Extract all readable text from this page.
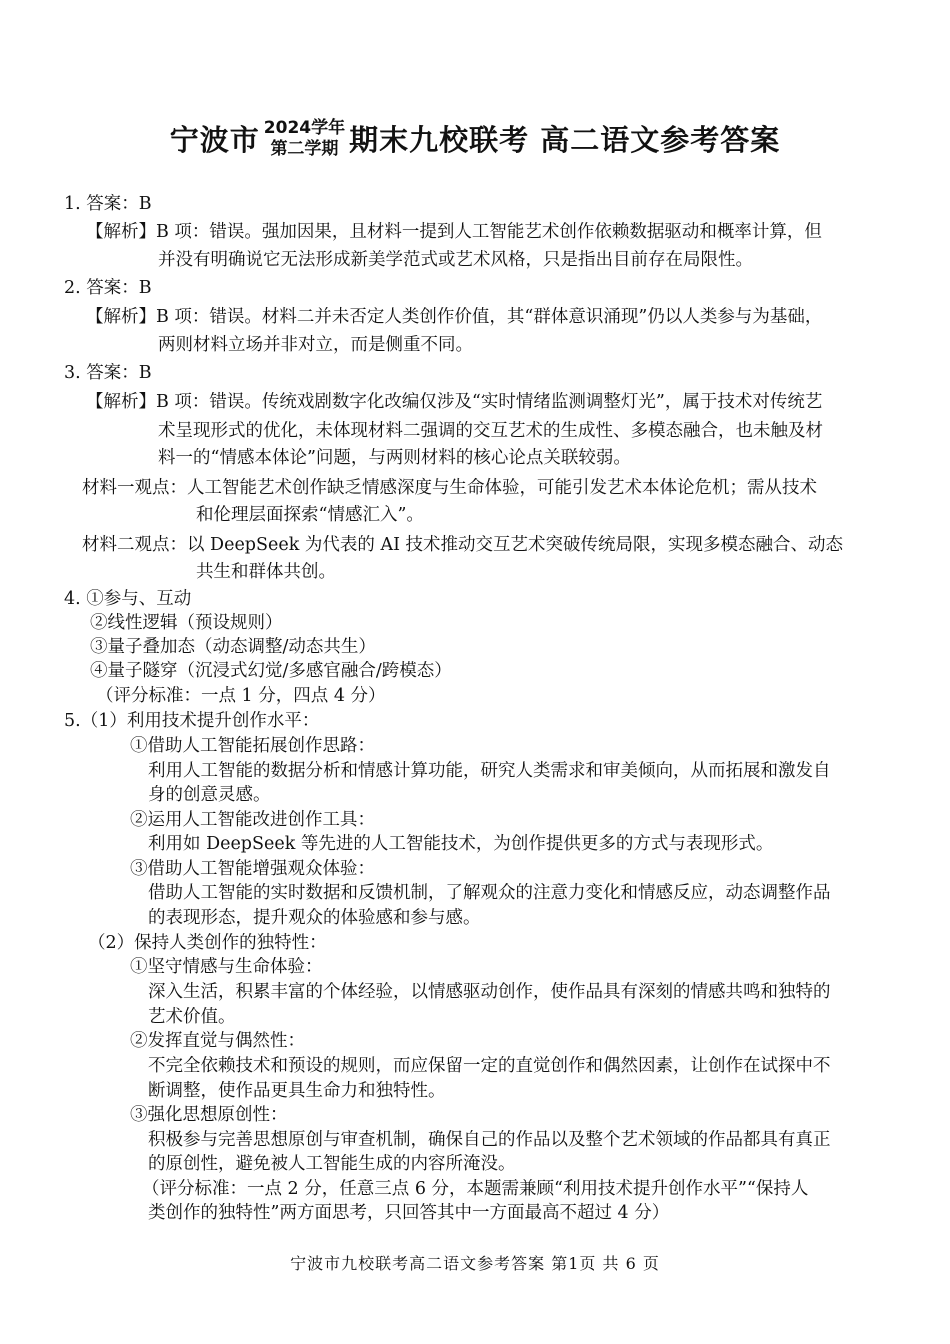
宁波市 2024学年
第二学期 期末九校联考 高二语文参考答案
1. 答案：B
【解析】B 项：错误。强加因果，且材料一提到人工智能艺术创作依赖数据驱动和概率计算，但
并没有明确说它无法形成新美学范式或艺术风格，只是指出目前存在局限性。
2. 答案：B
【解析】B 项：错误。材料二并未否定人类创作价值，其“群体意识涌现”仍以人类参与为基础，
两则材料立场并非对立，而是侧重不同。
3. 答案：B
【解析】B 项：错误。传统戏剧数字化改编仅涉及“实时情绪监测调整灯光”，属于技术对传统艺
术呈现形式的优化，未体现材料二强调的交互艺术的生成性、多模态融合，也未触及材
料一的“情感本体论”问题，与两则材料的核心论点关联较弱。
材料一观点：人工智能艺术创作缺乏情感深度与生命体验，可能引发艺术本体论危机；需从技术
和伦理层面探索“情感汇入”。
材料二观点：以 DeepSeek 为代表的 AI 技术推动交互艺术突破传统局限，实现多模态融合、动态
共生和群体共创。
4. ①参与、互动
②线性逻辑（预设规则）
③量子叠加态（动态调整/动态共生）
④量子隧穿（沉浸式幻觉/多感官融合/跨模态）
（评分标准：一点 1 分，四点 4 分）
5.（1）利用技术提升创作水平：
①借助人工智能拓展创作思路：
利用人工智能的数据分析和情感计算功能，研究人类需求和审美倾向，从而拓展和激发自
身的创意灵感。
②运用人工智能改进创作工具：
利用如 DeepSeek 等先进的人工智能技术，为创作提供更多的方式与表现形式。
③借助人工智能增强观众体验：
借助人工智能的实时数据和反馈机制，了解观众的注意力变化和情感反应，动态调整作品
的表现形态，提升观众的体验感和参与感。
（2）保持人类创作的独特性：
①坚守情感与生命体验：
深入生活，积累丰富的个体经验，以情感驱动创作，使作品具有深刻的情感共鸣和独特的
艺术价值。
②发挥直觉与偶然性：
不完全依赖技术和预设的规则，而应保留一定的直觉创作和偶然因素，让创作在试探中不
断调整，使作品更具生命力和独特性。
③强化思想原创性：
积极参与完善思想原创与审查机制，确保自己的作品以及整个艺术领域的作品都具有真正
的原创性，避免被人工智能生成的内容所淹没。
（评分标准：一点 2 分，任意三点 6 分，本题需兼顾“利用技术提升创作水平”“保持人
类创作的独特性”两方面思考，只回答其中一方面最高不超过 4 分）
宁波市九校联考高二语文参考答案 第1页 共 6 页
